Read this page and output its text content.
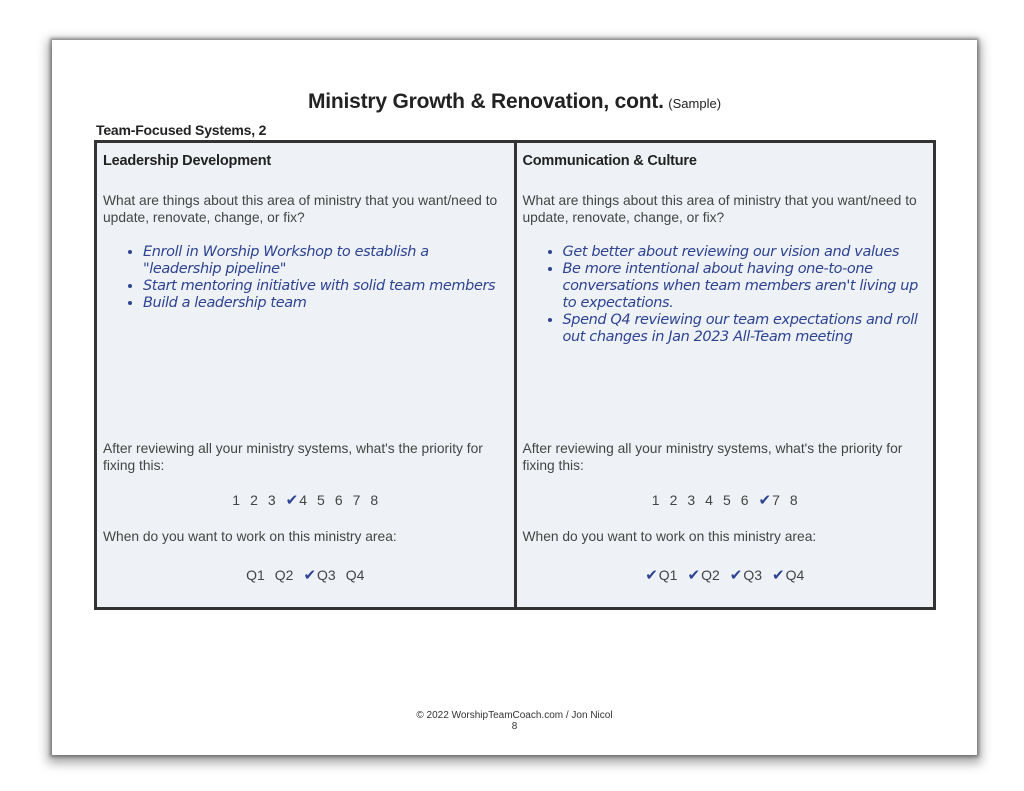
Ministry Growth & Renovation, cont. (Sample)
Team-Focused Systems, 2
Leadership Development
What are things about this area of ministry that you want/need to update, renovate, change, or fix?
• Enroll in Worship Workshop to establish a "leadership pipeline"
• Start mentoring initiative with solid team members
• Build a leadership team
After reviewing all your ministry systems, what's the priority for fixing this:
1 2 3 ✔4 5 6 7 8
When do you want to work on this ministry area:
Q1 Q2 ✔Q3 Q4
Communication & Culture
What are things about this area of ministry that you want/need to update, renovate, change, or fix?
• Get better about reviewing our vision and values
• Be more intentional about having one-to-one conversations when team members aren't living up to expectations.
• Spend Q4 reviewing our team expectations and roll out changes in Jan 2023 All-Team meeting
After reviewing all your ministry systems, what's the priority for fixing this:
1 2 3 4 5 6 ✔7 8
When do you want to work on this ministry area:
✔Q1 ✔Q2 ✔Q3 ✔Q4
© 2022 WorshipTeamCoach.com / Jon Nicol
8
